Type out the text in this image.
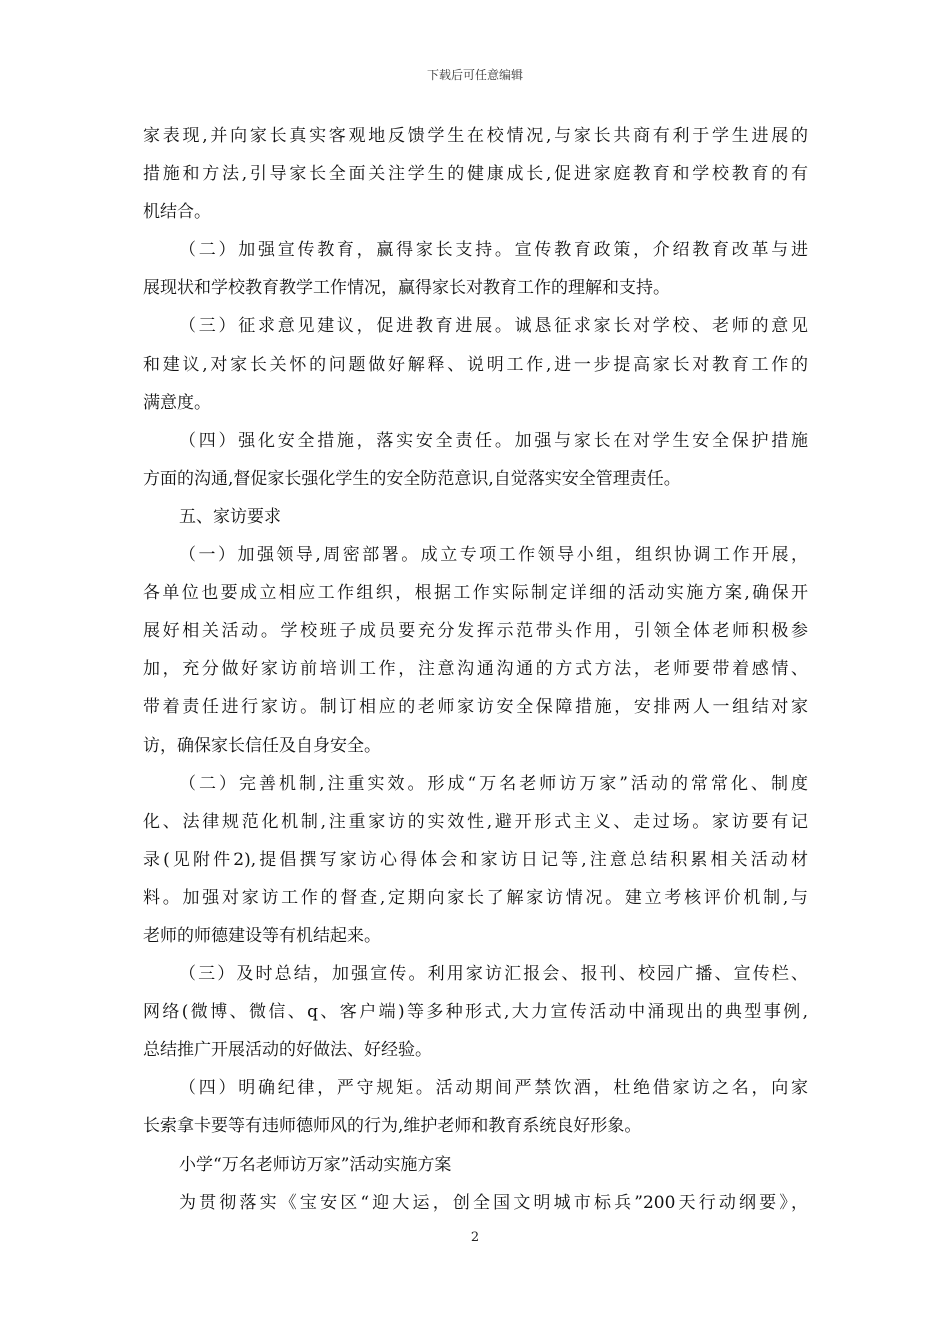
下载后可任意编辑
家表现,并向家长真实客观地反馈学生在校情况,与家长共商有利于学生进展的
措施和方法,引导家长全面关注学生的健康成长,促进家庭教育和学校教育的有
机结合。
（二）加强宣传教育，赢得家长支持。宣传教育政策，介绍教育改革与进
展现状和学校教育教学工作情况，赢得家长对教育工作的理解和支持。
（三）征求意见建议，促进教育进展。诚恳征求家长对学校、老师的意见
和建议,对家长关怀的问题做好解释、说明工作,进一步提高家长对教育工作的
满意度。
（四）强化安全措施，落实安全责任。加强与家长在对学生安全保护措施
方面的沟通,督促家长强化学生的安全防范意识,自觉落实安全管理责任。
五、家访要求
（一）加强领导,周密部署。成立专项工作领导小组，组织协调工作开展，
各单位也要成立相应工作组织，根据工作实际制定详细的活动实施方案,确保开
展好相关活动。学校班子成员要充分发挥示范带头作用，引领全体老师积极参
加，充分做好家访前培训工作，注意沟通沟通的方式方法，老师要带着感情、
带着责任进行家访。制订相应的老师家访安全保障措施，安排两人一组结对家
访，确保家长信任及自身安全。
（二）完善机制,注重实效。形成“万名老师访万家”活动的常常化、制度
化、法律规范化机制,注重家访的实效性,避开形式主义、走过场。家访要有记
录(见附件2),提倡撰写家访心得体会和家访日记等,注意总结积累相关活动材
料。加强对家访工作的督查,定期向家长了解家访情况。建立考核评价机制,与
老师的师德建设等有机结起来。
（三）及时总结，加强宣传。利用家访汇报会、报刊、校园广播、宣传栏、
网络(微博、微信、q、客户端)等多种形式,大力宣传活动中涌现出的典型事例,
总结推广开展活动的好做法、好经验。
（四）明确纪律，严守规矩。活动期间严禁饮酒，杜绝借家访之名，向家
长索拿卡要等有违师德师风的行为,维护老师和教育系统良好形象。
小学“万名老师访万家”活动实施方案
为贯彻落实《宝安区“迎大运，创全国文明城市标兵”200天行动纲要》，
2
